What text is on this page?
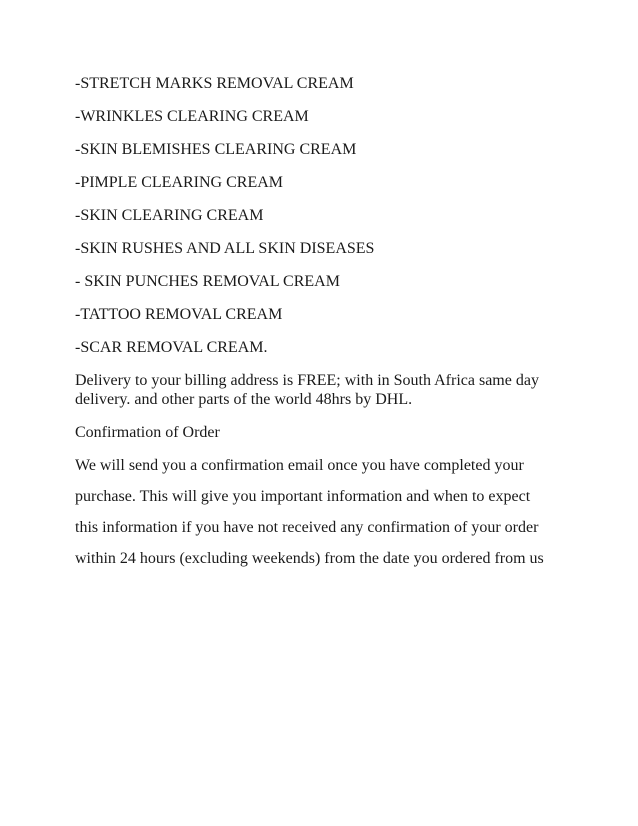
-STRETCH MARKS REMOVAL CREAM

-WRINKLES CLEARING CREAM

-SKIN BLEMISHES CLEARING CREAM

-PIMPLE CLEARING CREAM

-SKIN CLEARING CREAM

-SKIN RUSHES AND ALL SKIN DISEASES

- SKIN PUNCHES REMOVAL CREAM

-TATTOO REMOVAL CREAM

-SCAR REMOVAL CREAM.

Delivery to your billing address is FREE; with in South Africa same day delivery. and other parts of the world 48hrs by DHL.

Confirmation of Order

We will send you a confirmation email once you have completed your

purchase. This will give you important information and when to expect

this information if you have not received any confirmation of your order

within 24 hours (excluding weekends) from the date you ordered from us
